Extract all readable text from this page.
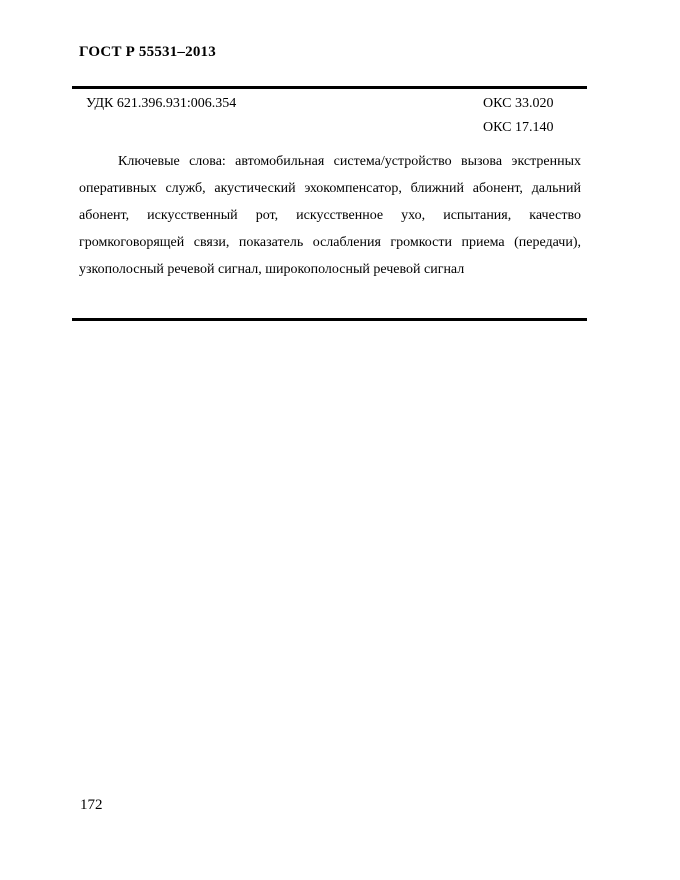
ГОСТ Р 55531–2013
УДК 621.396.931:006.354	ОКС 33.020
ОКС 17.140

Ключевые слова: автомобильная система/устройство вызова экстренных оперативных служб, акустический эхокомпенсатор, ближний абонент, дальний абонент, искусственный рот, искусственное ухо, испытания, качество громкоговорящей связи, показатель ослабления громкости приема (передачи), узкополосный речевой сигнал, широкополосный речевой сигнал

172
